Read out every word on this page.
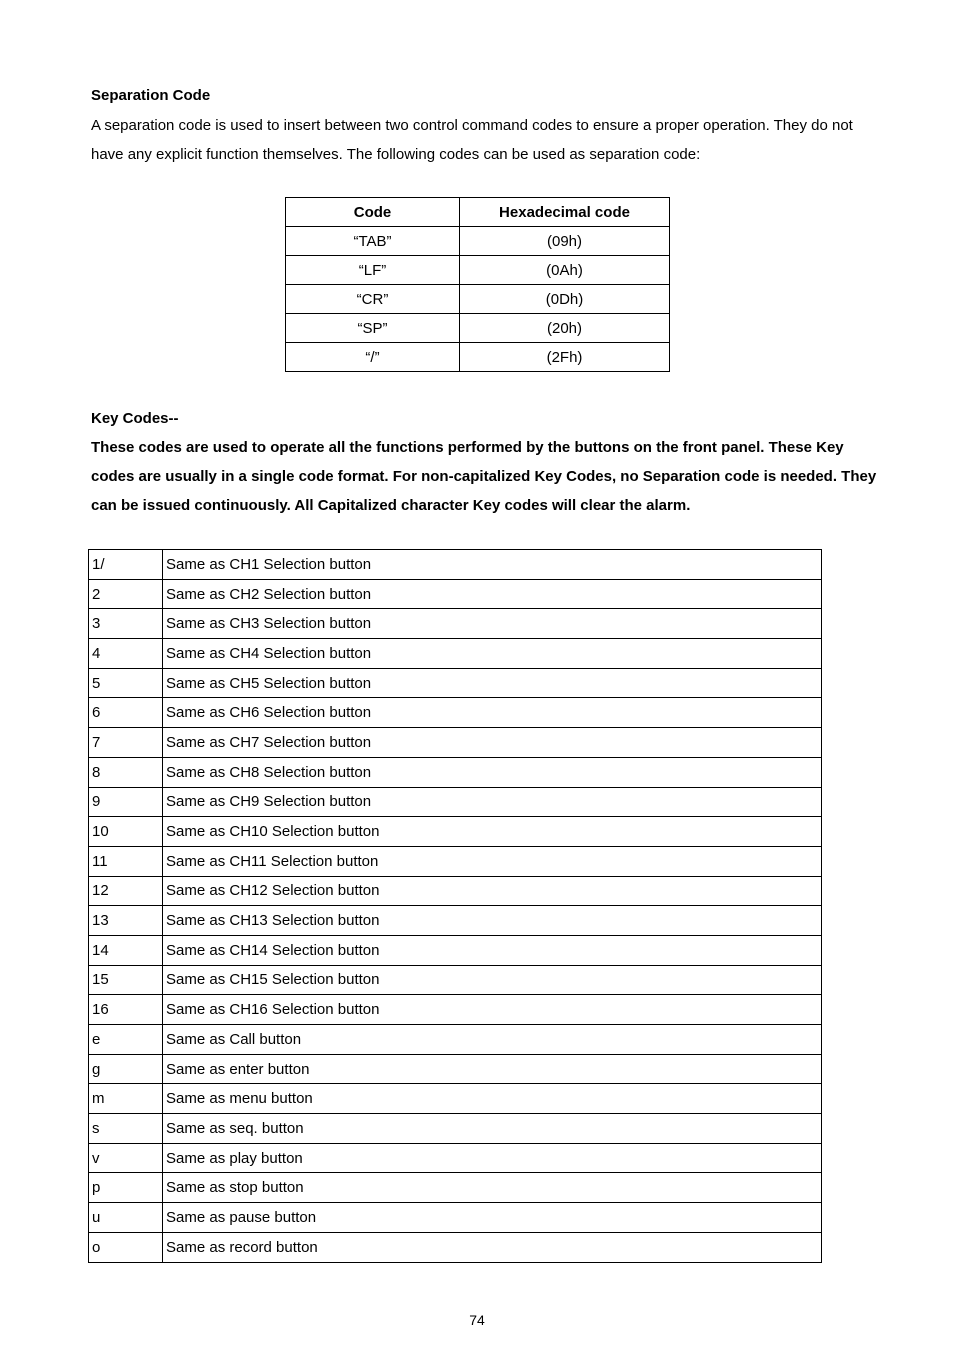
Separation Code

A separation code is used to insert between two control command codes to ensure a proper operation. They do not have any explicit function themselves. The following codes can be used as separation code:

Code	Hexadecimal code
“TAB”	(09h)
“LF”	(0Ah)
“CR”	(0Dh)
“SP”	(20h)
“/”	(2Fh)
Key Codes--

These codes are used to operate all the functions performed by the buttons on the front panel. These Key codes are usually in a single code format. For non-capitalized Key Codes, no Separation code is needed. They can be issued continuously. All Capitalized character Key codes will clear the alarm.

1/	Same as CH1 Selection button
2	Same as CH2 Selection button
3	Same as CH3 Selection button
4	Same as CH4 Selection button
5	Same as CH5 Selection button
6	Same as CH6 Selection button
7	Same as CH7 Selection button
8	Same as CH8 Selection button
9	Same as CH9 Selection button
10	Same as CH10 Selection button
11	Same as CH11 Selection button
12	Same as CH12 Selection button
13	Same as CH13 Selection button
14	Same as CH14 Selection button
15	Same as CH15 Selection button
16	Same as CH16 Selection button
e	Same as Call button
g	Same as enter button
m	Same as menu button
s	Same as seq. button
v	Same as play button
p	Same as stop button
u	Same as pause button
o	Same as record button
74
